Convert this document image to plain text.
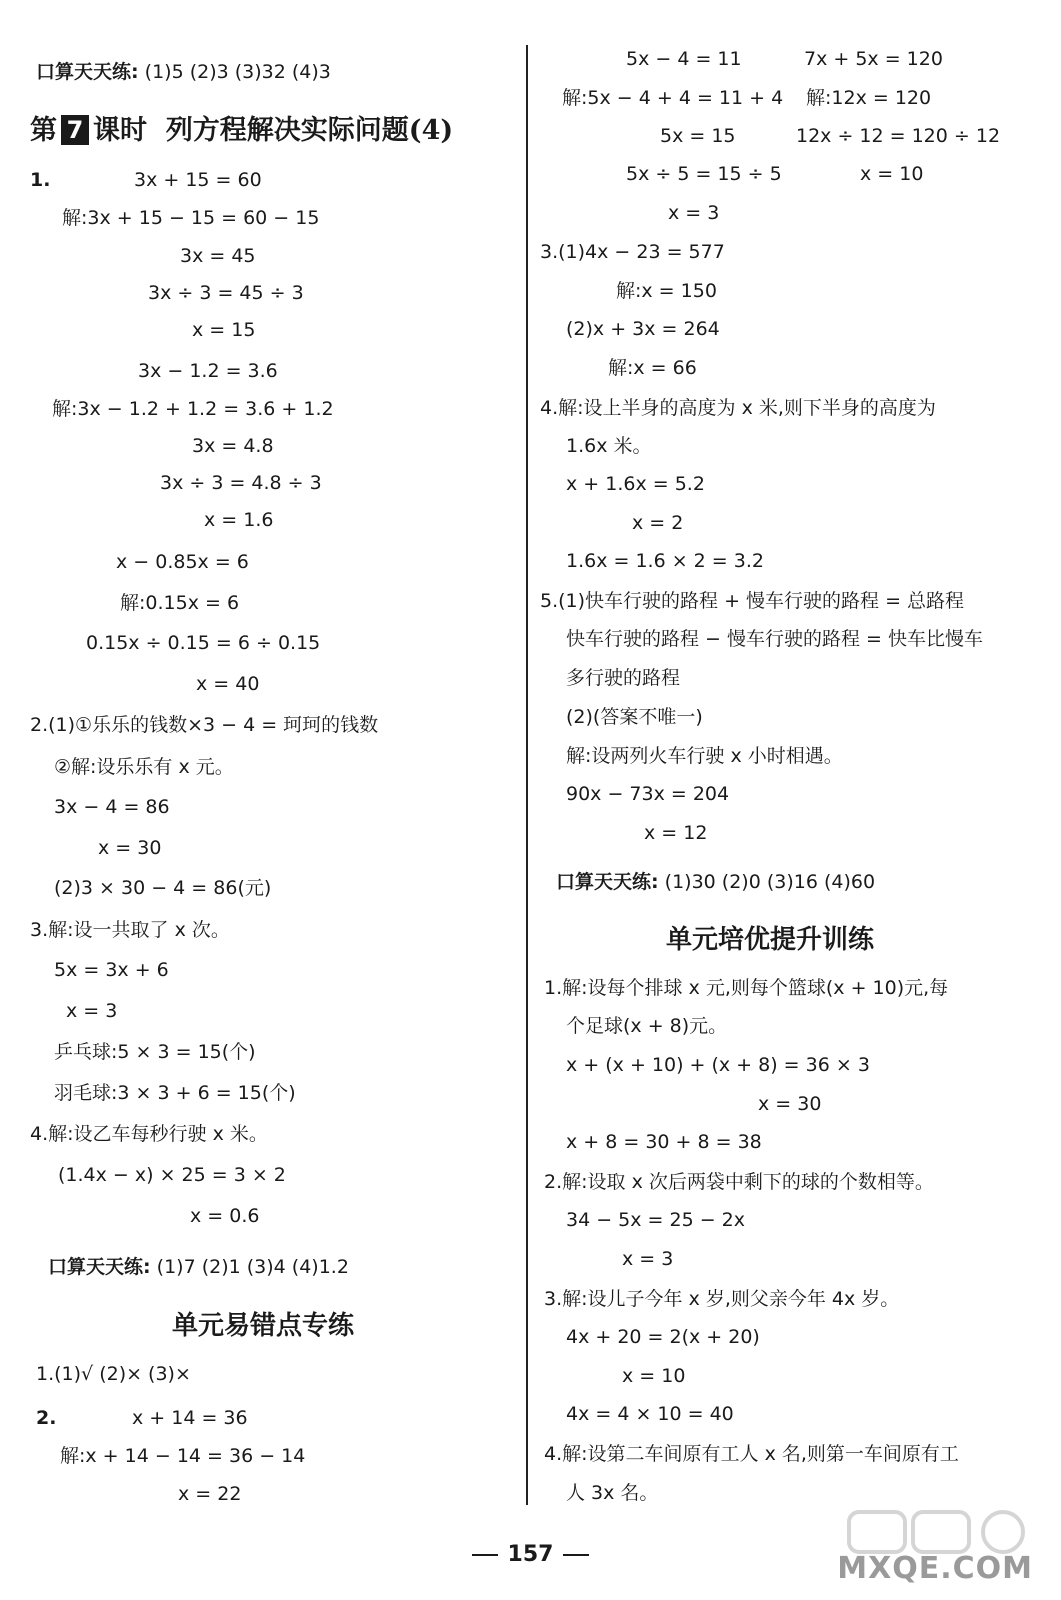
口算天天练: (1)5 (2)3 (3)32 (4)3
第 7 课时 列方程解决实际问题(4)
1.	3x + 15 = 60
解:3x + 15 − 15 = 60 − 15
3x = 45
3x ÷ 3 = 45 ÷ 3
x = 15
3x − 1.2 = 3.6
解:3x − 1.2 + 1.2 = 3.6 + 1.2
3x = 4.8
3x ÷ 3 = 4.8 ÷ 3
x = 1.6
x − 0.85x = 6
解:0.15x = 6
0.15x ÷ 0.15 = 6 ÷ 0.15
x = 40
2.(1)①乐乐的钱数×3 − 4 = 珂珂的钱数
②解:设乐乐有 x 元。
3x − 4 = 86
x = 30
(2)3 × 30 − 4 = 86(元)
3.解:设一共取了 x 次。
5x = 3x + 6
x = 3
乒乓球:5 × 3 = 15(个)
羽毛球:3 × 3 + 6 = 15(个)
4.解:设乙车每秒行驶 x 米。
(1.4x − x) × 25 = 3 × 2
x = 0.6
口算天天练: (1)7 (2)1 (3)4 (4)1.2
单元易错点专练
1.(1)√ (2)× (3)×
2.	x + 14 = 36
解:x + 14 − 14 = 36 − 14
x = 22
5x − 4 = 11	7x + 5x = 120
解:5x − 4 + 4 = 11 + 4 解:12x = 120
5x = 15	12x ÷ 12 = 120 ÷ 12
5x ÷ 5 = 15 ÷ 5	x = 10
x = 3
3.(1)4x − 23 = 577
解:x = 150
(2)x + 3x = 264
解:x = 66
4.解:设上半身的高度为 x 米,则下半身的高度为
1.6x 米。
x + 1.6x = 5.2
x = 2
1.6x = 1.6 × 2 = 3.2
5.(1)快车行驶的路程 + 慢车行驶的路程 = 总路程
快车行驶的路程 − 慢车行驶的路程 = 快车比慢车
多行驶的路程
(2)(答案不唯一)
解:设两列火车行驶 x 小时相遇。
90x − 73x = 204
x = 12
口算天天练: (1)30 (2)0 (3)16 (4)60
单元培优提升训练
1.解:设每个排球 x 元,则每个篮球(x + 10)元,每
个足球(x + 8)元。
x + (x + 10) + (x + 8) = 36 × 3
x = 30
x + 8 = 30 + 8 = 38
2.解:设取 x 次后两袋中剩下的球的个数相等。
34 − 5x = 25 − 2x
x = 3
3.解:设儿子今年 x 岁,则父亲今年 4x 岁。
4x + 20 = 2(x + 20)
x = 10
4x = 4 × 10 = 40
4.解:设第二车间原有工人 x 名,则第一车间原有工
人 3x 名。
157	MXQE.COM
